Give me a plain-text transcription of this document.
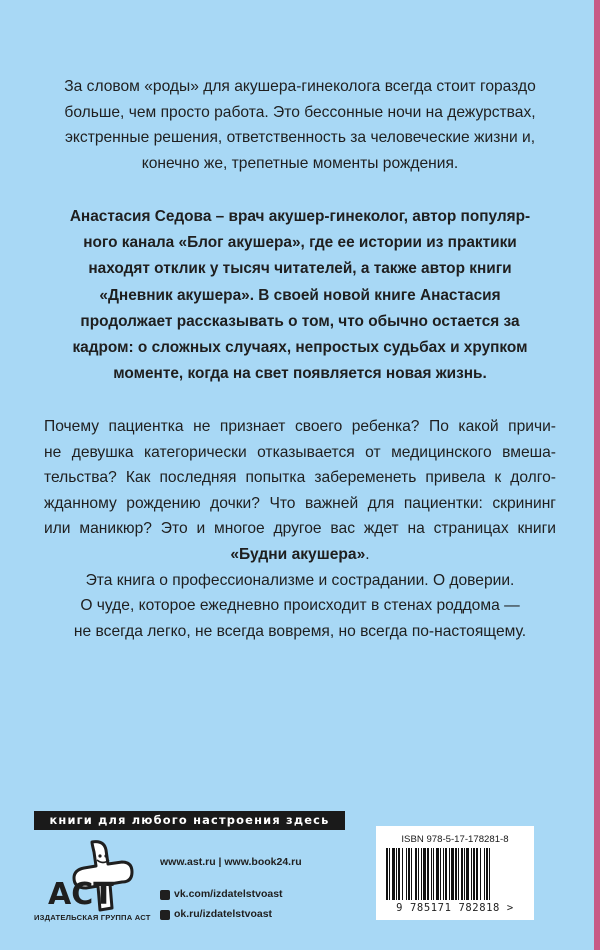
За словом «роды» для акушера-гинеколога всегда стоит гораздо
больше, чем просто работа. Это бессонные ночи на дежурствах,
экстренные решения, ответственность за человеческие жизни и,
конечно же, трепетные моменты рождения.
Анастасия Седова – врач акушер-гинеколог, автор популяр-
ного канала «Блог акушера», где ее истории из практики
находят отклик у тысяч читателей, а также автор книги
«Дневник акушера». В своей новой книге Анастасия
продолжает рассказывать о том, что обычно остается за
кадром: о сложных случаях, непростых судьбах и хрупком
моменте, когда на свет появляется новая жизнь.
Почему пациентка не признает своего ребенка? По какой причи-
не девушка категорически отказывается от медицинского вмеша-
тельства? Как последняя попытка забеременеть привела к долго-
жданному рождению дочки? Что важней для пациентки: скрининг
или маникюр? Это и многое другое вас ждет на страницах книги
«Будни акушера».
Эта книга о профессионализме и сострадании. О доверии.
О чуде, которое ежедневно происходит в стенах роддома —
не всегда легко, не всегда вовремя, но всегда по-настоящему.
книги для любого настроения здесь
ACT
ИЗДАТЕЛЬСКАЯ ГРУППА АСТ
www.ast.ru | www.book24.ru
vk.com/izdatelstvoast
ok.ru/izdatelstvoast
ISBN 978-5-17-178281-8
9 785171 782818 >
